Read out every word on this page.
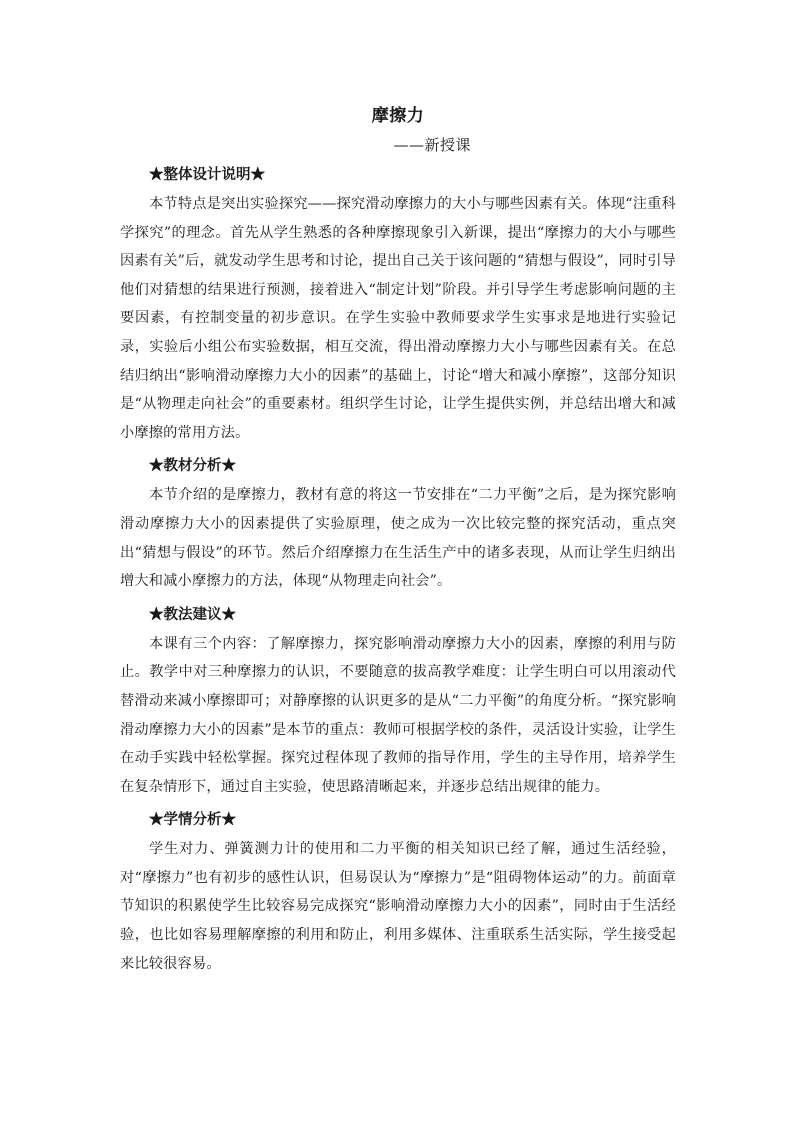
摩擦力

——新授课

★整体设计说明★

本节特点是突出实验探究——探究滑动摩擦力的大小与哪些因素有关。体现“注重科学探究”的理念。首先从学生熟悉的各种摩擦现象引入新课，提出“摩擦力的大小与哪些因素有关”后，就发动学生思考和讨论，提出自己关于该问题的“猜想与假设”，同时引导他们对猜想的结果进行预测，接着进入“制定计划”阶段。并引导学生考虑影响问题的主要因素，有控制变量的初步意识。在学生实验中教师要求学生实事求是地进行实验记录，实验后小组公布实验数据，相互交流，得出滑动摩擦力大小与哪些因素有关。在总结归纳出“影响滑动摩擦力大小的因素”的基础上，讨论“增大和减小摩擦”，这部分知识是“从物理走向社会”的重要素材。组织学生讨论，让学生提供实例，并总结出增大和减小摩擦的常用方法。

★教材分析★

本节介绍的是摩擦力，教材有意的将这一节安排在“二力平衡”之后，是为探究影响滑动摩擦力大小的因素提供了实验原理，使之成为一次比较完整的探究活动，重点突出“猜想与假设”的环节。然后介绍摩擦力在生活生产中的诸多表现，从而让学生归纳出增大和减小摩擦力的方法，体现“从物理走向社会”。

★教法建议★

本课有三个内容：了解摩擦力，探究影响滑动摩擦力大小的因素，摩擦的利用与防止。教学中对三种摩擦力的认识，不要随意的拔高教学难度：让学生明白可以用滚动代替滑动来减小摩擦即可；对静摩擦的认识更多的是从“二力平衡”的角度分析。“探究影响滑动摩擦力大小的因素”是本节的重点：教师可根据学校的条件，灵活设计实验，让学生在动手实践中轻松掌握。探究过程体现了教师的指导作用，学生的主导作用，培养学生在复杂情形下，通过自主实验，使思路清晰起来，并逐步总结出规律的能力。

★学情分析★

学生对力、弹簧测力计的使用和二力平衡的相关知识已经了解，通过生活经验，对“摩擦力”也有初步的感性认识，但易误认为“摩擦力”是“阻碍物体运动”的力。前面章节知识的积累使学生比较容易完成探究“影响滑动摩擦力大小的因素”，同时由于生活经验，也比如容易理解摩擦的利用和防止，利用多媒体、注重联系生活实际，学生接受起来比较很容易。
